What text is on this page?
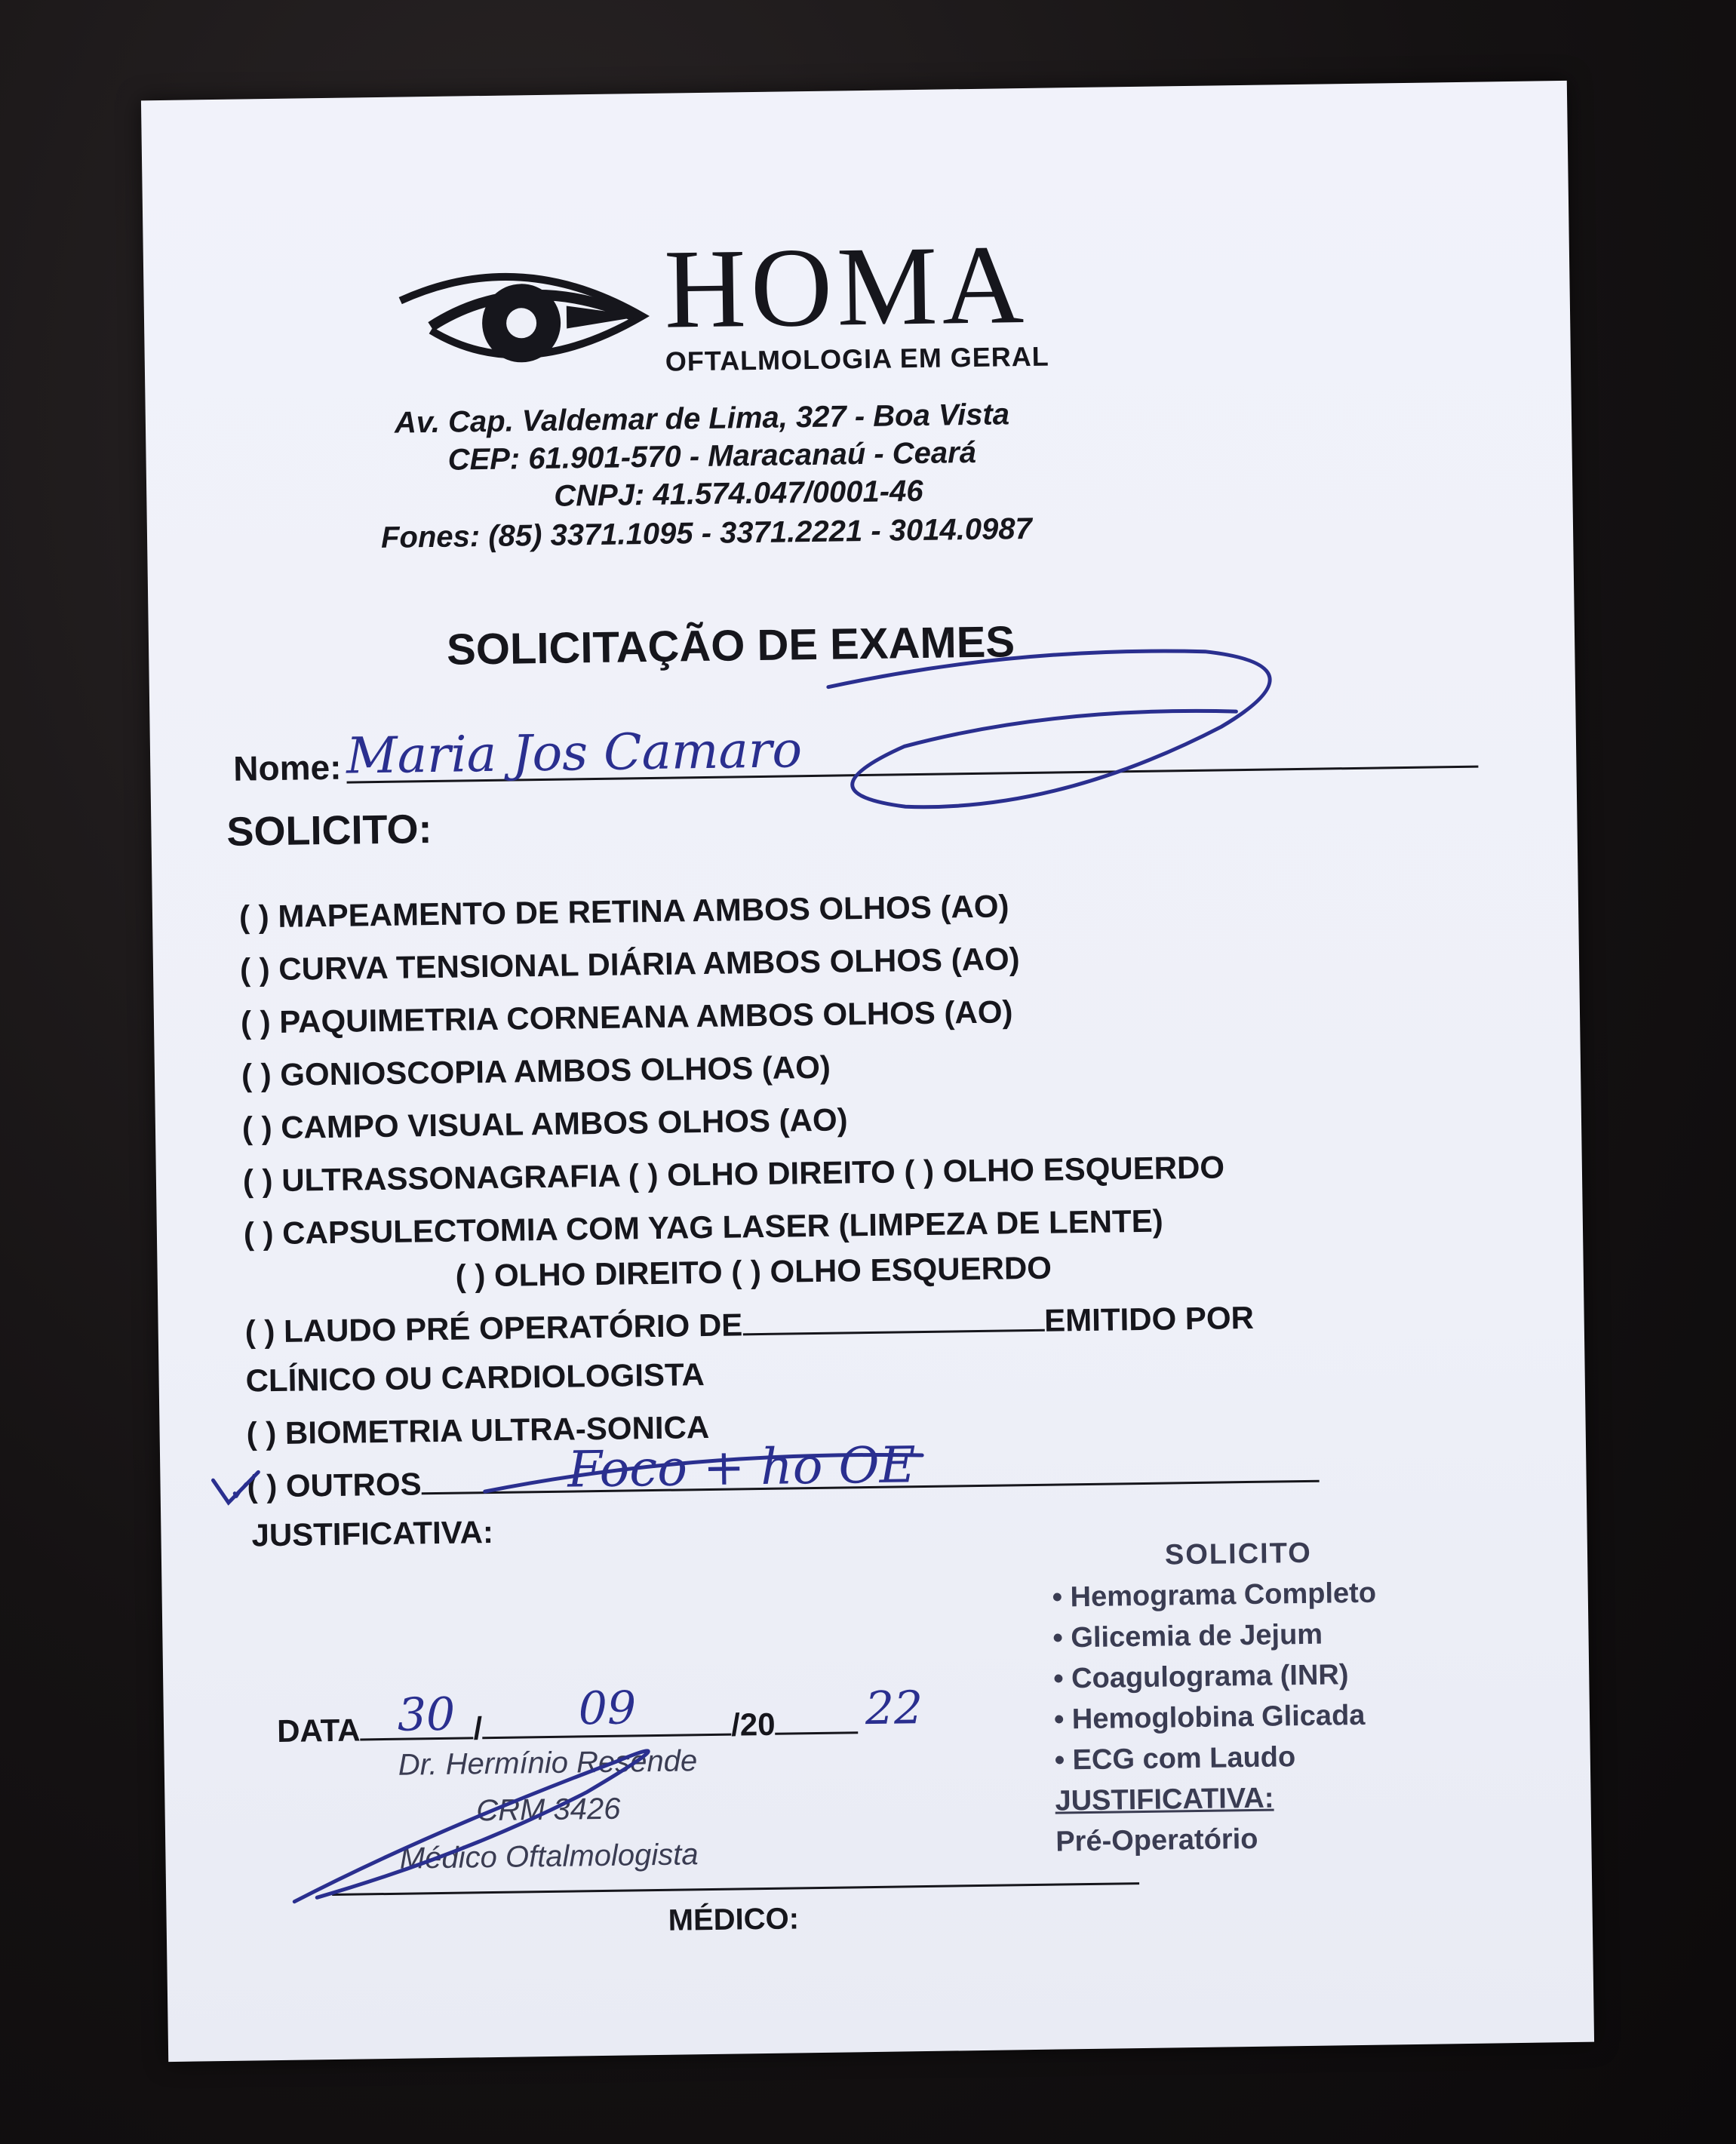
HOMA
OFTALMOLOGIA EM GERAL
Av. Cap. Valdemar de Lima, 327 - Boa Vista
CEP: 61.901-570 - Maracanaú - Ceará
CNPJ: 41.574.047/0001-46
Fones: (85) 3371.1095 - 3371.2221 - 3014.0987
SOLICITAÇÃO DE EXAMES
Nome:
SOLICITO:
( ) MAPEAMENTO DE RETINA AMBOS OLHOS (AO)
( ) CURVA TENSIONAL DIÁRIA AMBOS OLHOS (AO)
( ) PAQUIMETRIA CORNEANA AMBOS OLHOS (AO)
( ) GONIOSCOPIA AMBOS OLHOS (AO)
( ) CAMPO VISUAL AMBOS OLHOS (AO)
( ) ULTRASSONAGRAFIA ( ) OLHO DIREITO ( ) OLHO ESQUERDO
( ) CAPSULECTOMIA COM YAG LASER (LIMPEZA DE LENTE)
( ) OLHO DIREITO ( ) OLHO ESQUERDO
( ) LAUDO PRÉ OPERATÓRIO DE	EMITIDO POR
CLÍNICO OU CARDIOLOGISTA
( ) BIOMETRIA ULTRA-SONICA
( ) OUTROS
JUSTIFICATIVA:
DATA	/	/20
Dr. Hermínio Resende
CRM 3426
Médico Oftalmologista
MÉDICO:
SOLICITO
• Hemograma Completo
• Glicemia de Jejum
• Coagulograma (INR)
• Hemoglobina Glicada
• ECG com Laudo
JUSTIFICATIVA:
Pré-Operatório
Maria Jos Camaro
Foco + ho OE
✓
30	09	22
